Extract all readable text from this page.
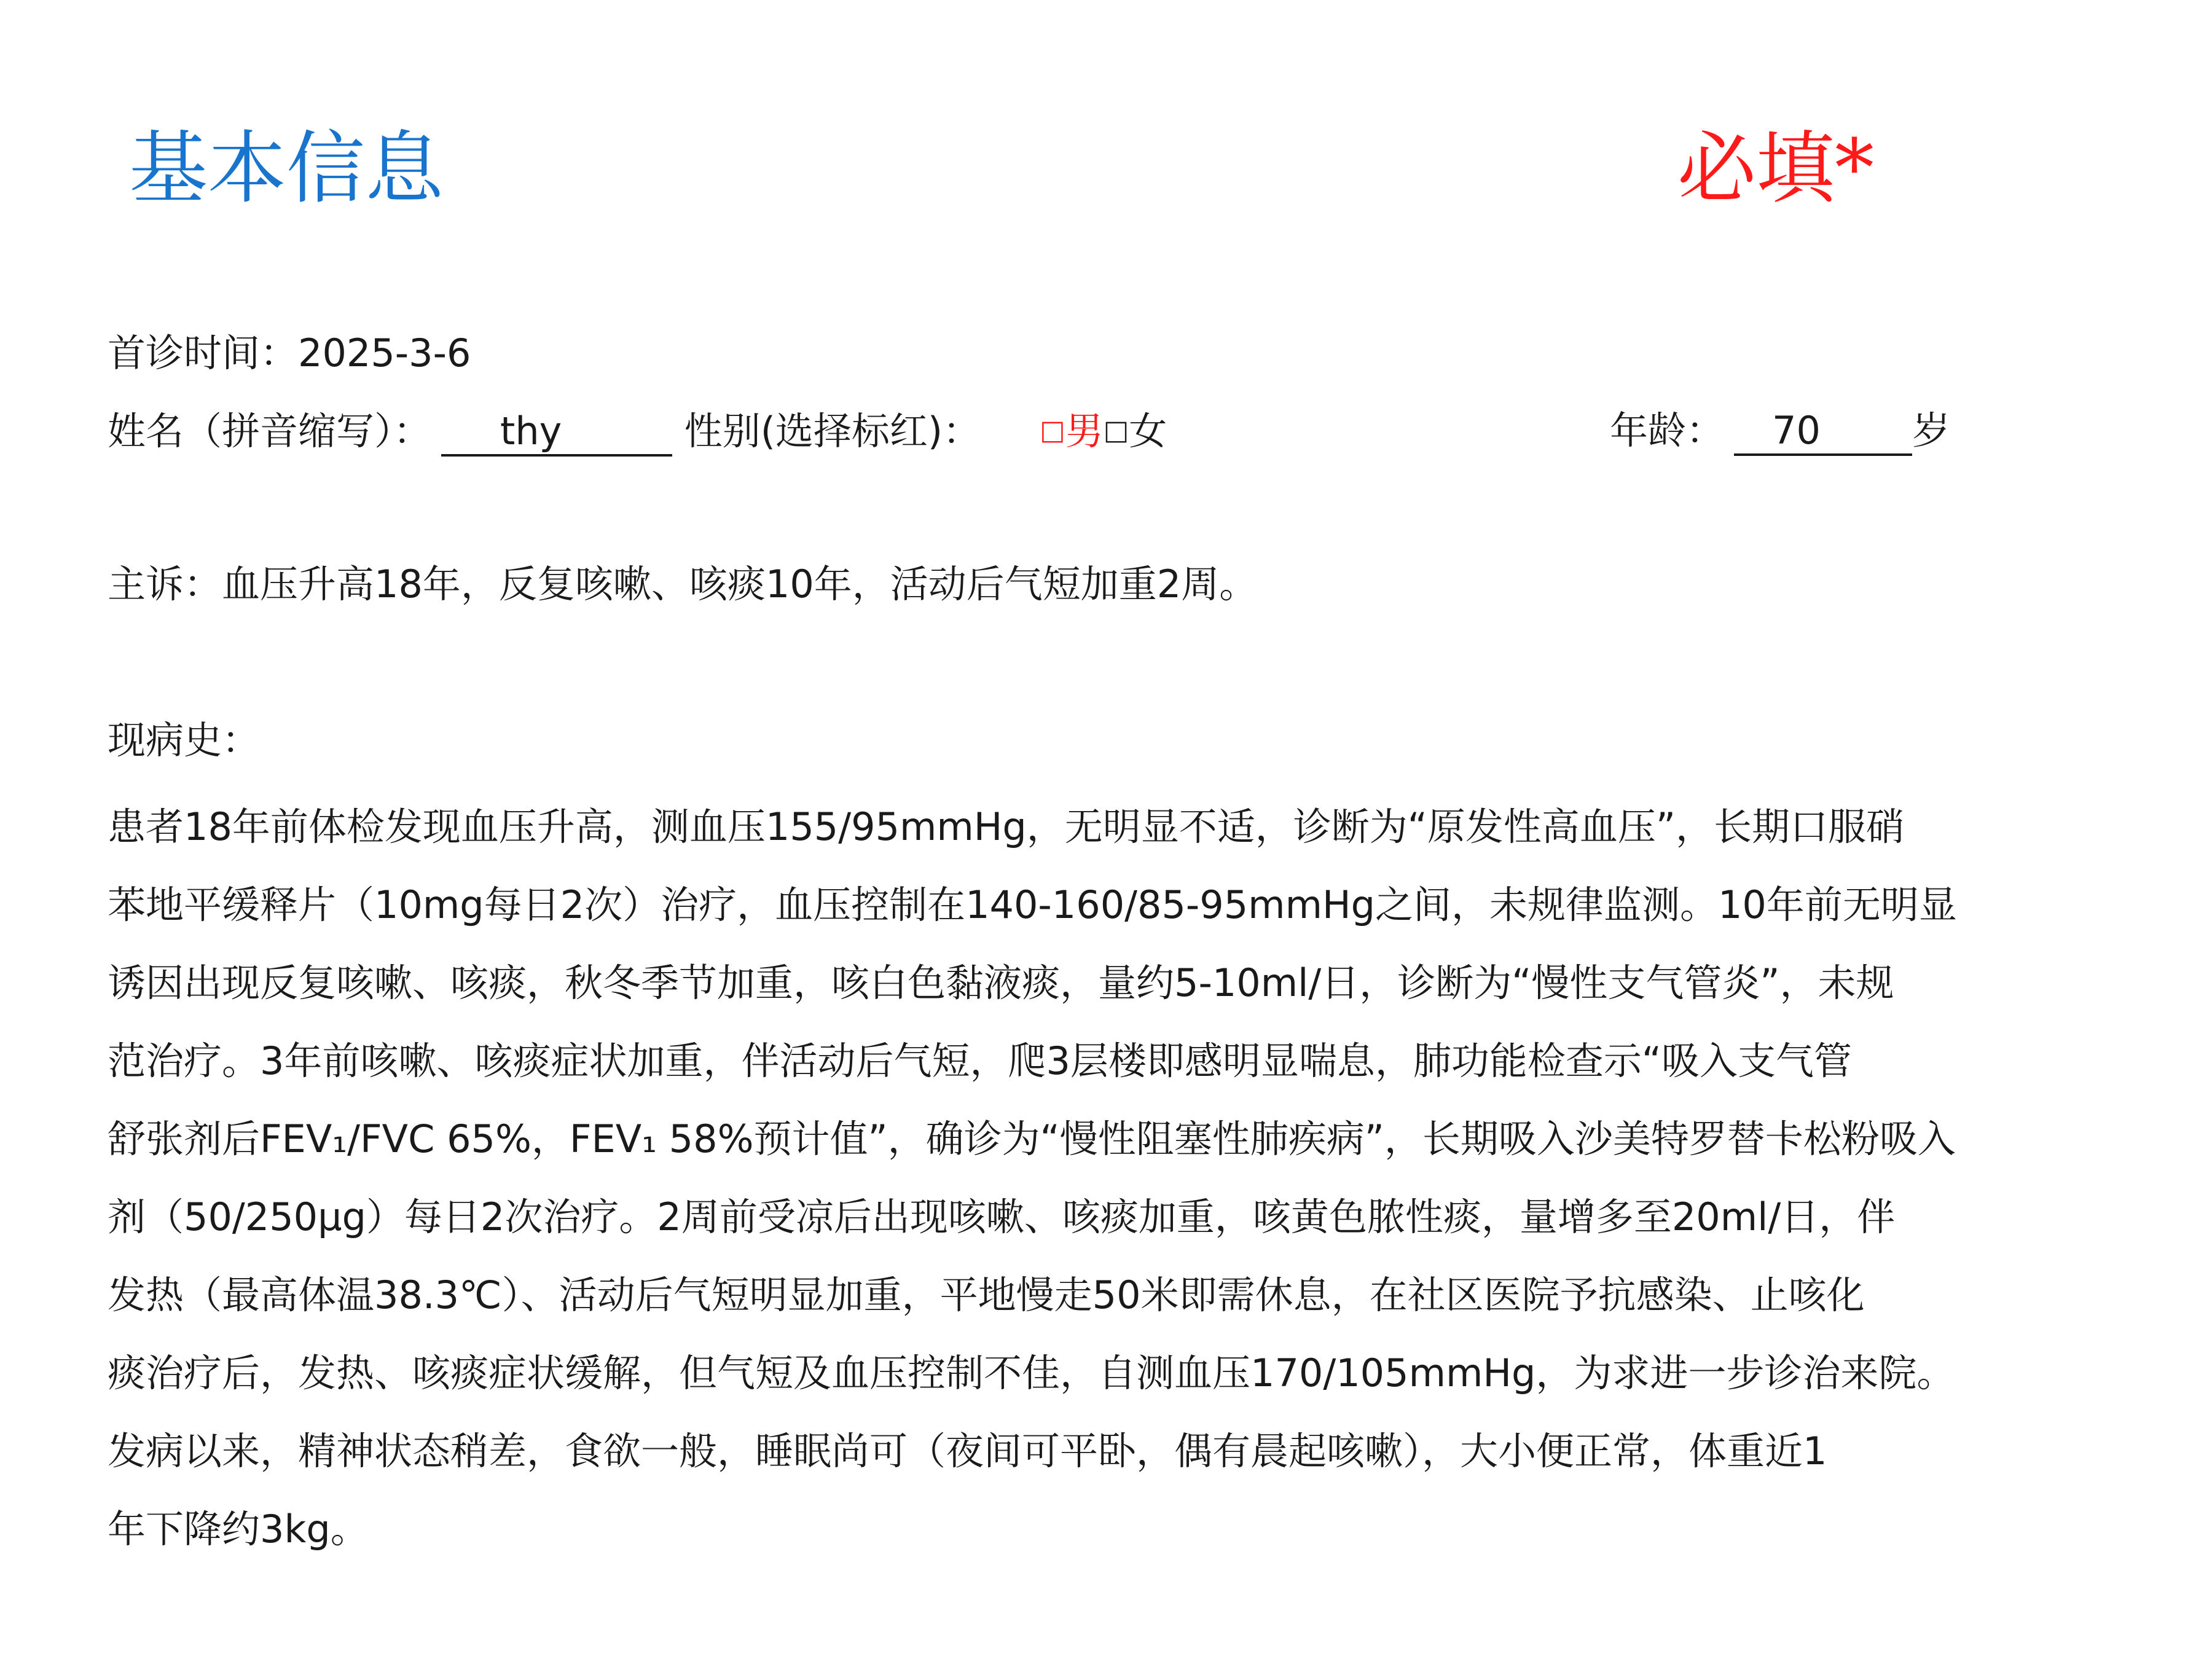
基本信息	必填*
首诊时间：2025-3-6
姓名（拼音缩写）： thy	性别(选择标红)： □男□女	年龄： 70 岁
主诉：血压升高18年，反复咳嗽、咳痰10年，活动后气短加重2周。
现病史：
患者18年前体检发现血压升高，测血压155/95mmHg，无明显不适，诊断为“原发性高血压”，长期口服硝
苯地平缓释片（10mg每日2次）治疗，血压控制在140-160/85-95mmHg之间，未规律监测。10年前无明显
诱因出现反复咳嗽、咳痰，秋冬季节加重，咳白色黏液痰，量约5-10ml/日，诊断为“慢性支气管炎”，未规
范治疗。3年前咳嗽、咳痰症状加重，伴活动后气短，爬3层楼即感明显喘息，肺功能检查示“吸入支气管
舒张剂后FEV₁/FVC 65%，FEV₁ 58%预计值”，确诊为“慢性阻塞性肺疾病”，长期吸入沙美特罗替卡松粉吸入
剂（50/250μg）每日2次治疗。2周前受凉后出现咳嗽、咳痰加重，咳黄色脓性痰，量增多至20ml/日，伴
发热（最高体温38.3℃）、活动后气短明显加重，平地慢走50米即需休息，在社区医院予抗感染、止咳化
痰治疗后，发热、咳痰症状缓解，但气短及血压控制不佳，自测血压170/105mmHg，为求进一步诊治来院。
发病以来，精神状态稍差，食欲一般，睡眠尚可（夜间可平卧，偶有晨起咳嗽），大小便正常，体重近1
年下降约3kg。
